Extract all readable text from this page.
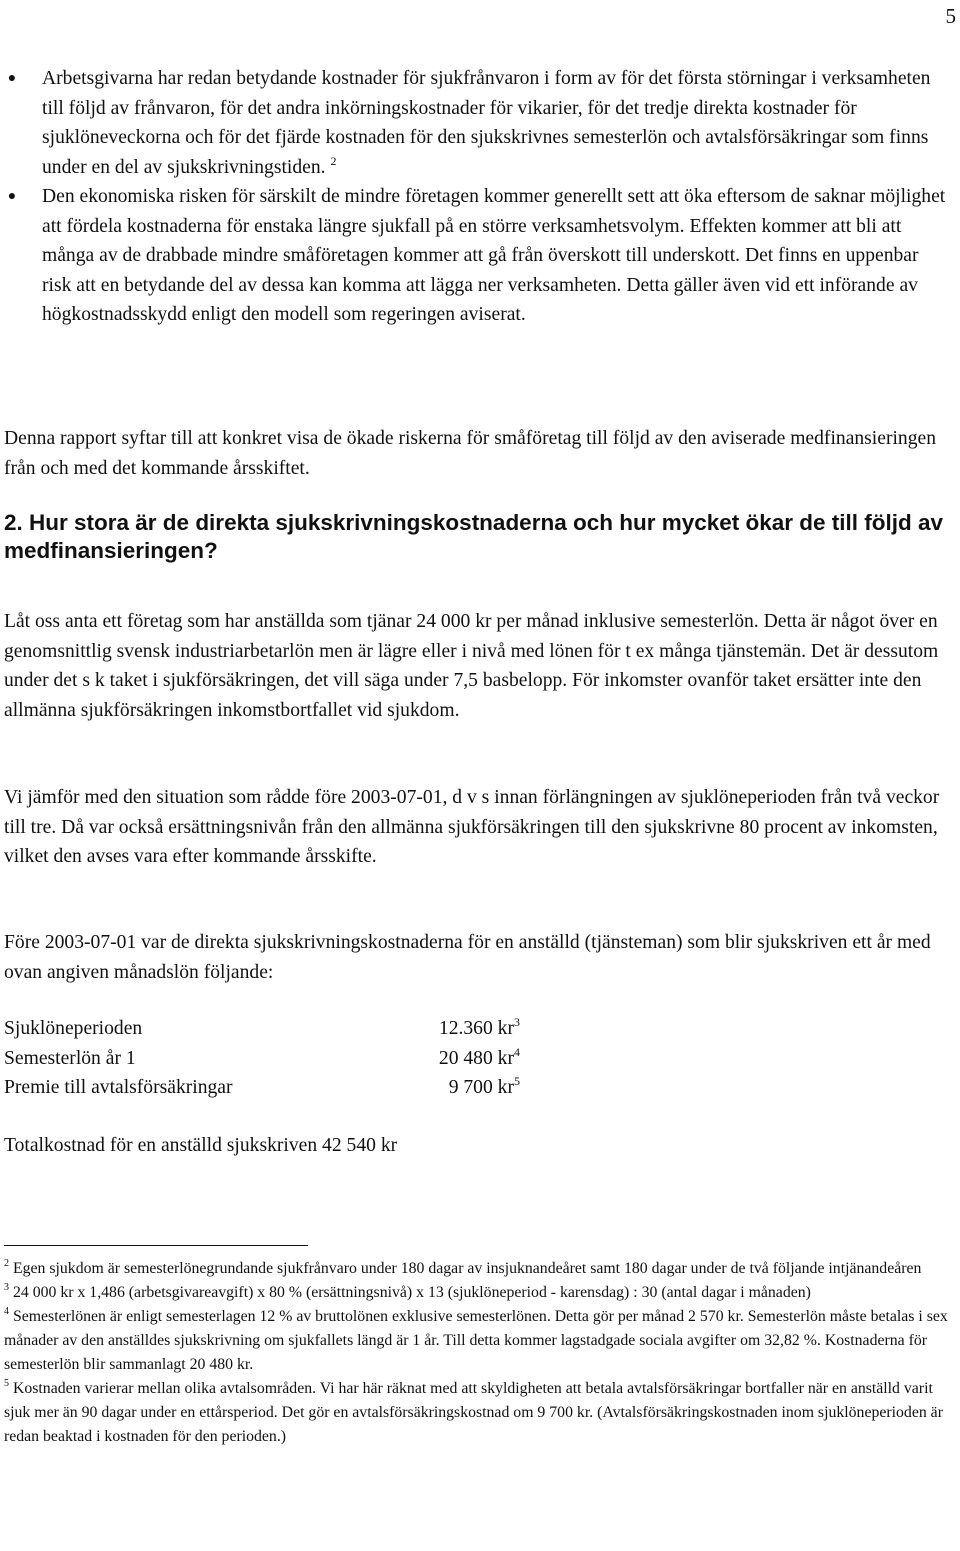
5
● Arbetsgivarna har redan betydande kostnader för sjukfrånvaron i form av för det första störningar i verksamheten till följd av frånvaron, för det andra inkörningskostnader för vikarier, för det tredje direkta kostnader för sjuklöneveckorna och för det fjärde kostnaden för den sjukskrivnes semesterlön och avtalsförsäkringar som finns under en del av sjukskrivningstiden. $^2$
● Den ekonomiska risken för särskilt de mindre företagen kommer generellt sett att öka eftersom de saknar möjlighet att fördela kostnaderna för enstaka längre sjukfall på en större verksamhetsvolym. Effekten kommer att bli att många av de drabbade mindre småföretagen kommer att gå från överskott till underskott. Det finns en uppenbar risk att en betydande del av dessa kan komma att lägga ner verksamheten. Detta gäller även vid ett införande av högkostnadsskydd enligt den modell som regeringen aviserat.

Denna rapport syftar till att konkret visa de ökade riskerna för småföretag till följd av den aviserade medfinansieringen från och med det kommande årsskiftet.

2. Hur stora är de direkta sjukskrivningskostnaderna och hur mycket ökar de till följd av medfinansieringen?

Låt oss anta ett företag som har anställda som tjänar 24 000 kr per månad inklusive semesterlön. Detta är något över en genomsnittlig svensk industriarbetarlön men är lägre eller i nivå med lönen för t ex många tjänstemän. Det är dessutom under det s k taket i sjukförsäkringen, det vill säga under 7,5 basbelopp. För inkomster ovanför taket ersätter inte den allmänna sjukförsäkringen inkomstbortfallet vid sjukdom.

Vi jämför med den situation som rådde före 2003-07-01, d v s innan förlängningen av sjuklöneperioden från två veckor till tre. Då var också ersättningsnivån från den allmänna sjukförsäkringen till den sjukskrivne 80 procent av inkomsten, vilket den avses vara efter kommande årsskifte.

Före 2003-07-01 var de direkta sjukskrivningskostnaderna för en anställd (tjänsteman) som blir sjukskriven ett år med ovan angiven månadslön följande:

Sjuklöneperioden	12.360 $kr^3$
Semesterlön år 1	20 480 $kr^4$
Premie till avtalsförsäkringar	9 700 $kr^5$
Totalkostnad för en anställd sjukskriven 42 540 kr

$^2$ Egen sjukdom är semesterlönegrundande sjukfrånvaro under 180 dagar av insjuknandeåret samt 180 dagar under de två följande intjänandeåren

$^3$ 24 000 kr x 1,486 (arbetsgivareavgift) x 80 % (ersättningsnivå) x 13 (sjuklöneperiod - karensdag) : 30 (antal dagar i månaden)

$^4$ Semesterlönen är enligt semesterlagen 12 % av bruttolönen exklusive semesterlönen. Detta gör per månad 2 570 kr. Semesterlön måste betalas i sex månader av den anställdes sjukskrivning om sjukfallets längd är 1 år. Till detta kommer lagstadgade sociala avgifter om 32,82 %. Kostnaderna för semesterlön blir sammanlagt 20 480 kr.

$^5$ Kostnaden varierar mellan olika avtalsområden. Vi har här räknat med att skyldigheten att betala avtalsförsäkringar bortfaller när en anställd varit sjuk mer än 90 dagar under en ettårsperiod. Det gör en avtalsförsäkringskostnad om 9 700 kr. (Avtalsförsäkringskostnaden inom sjuklöneperioden är redan beaktad i kostnaden för den perioden.)
